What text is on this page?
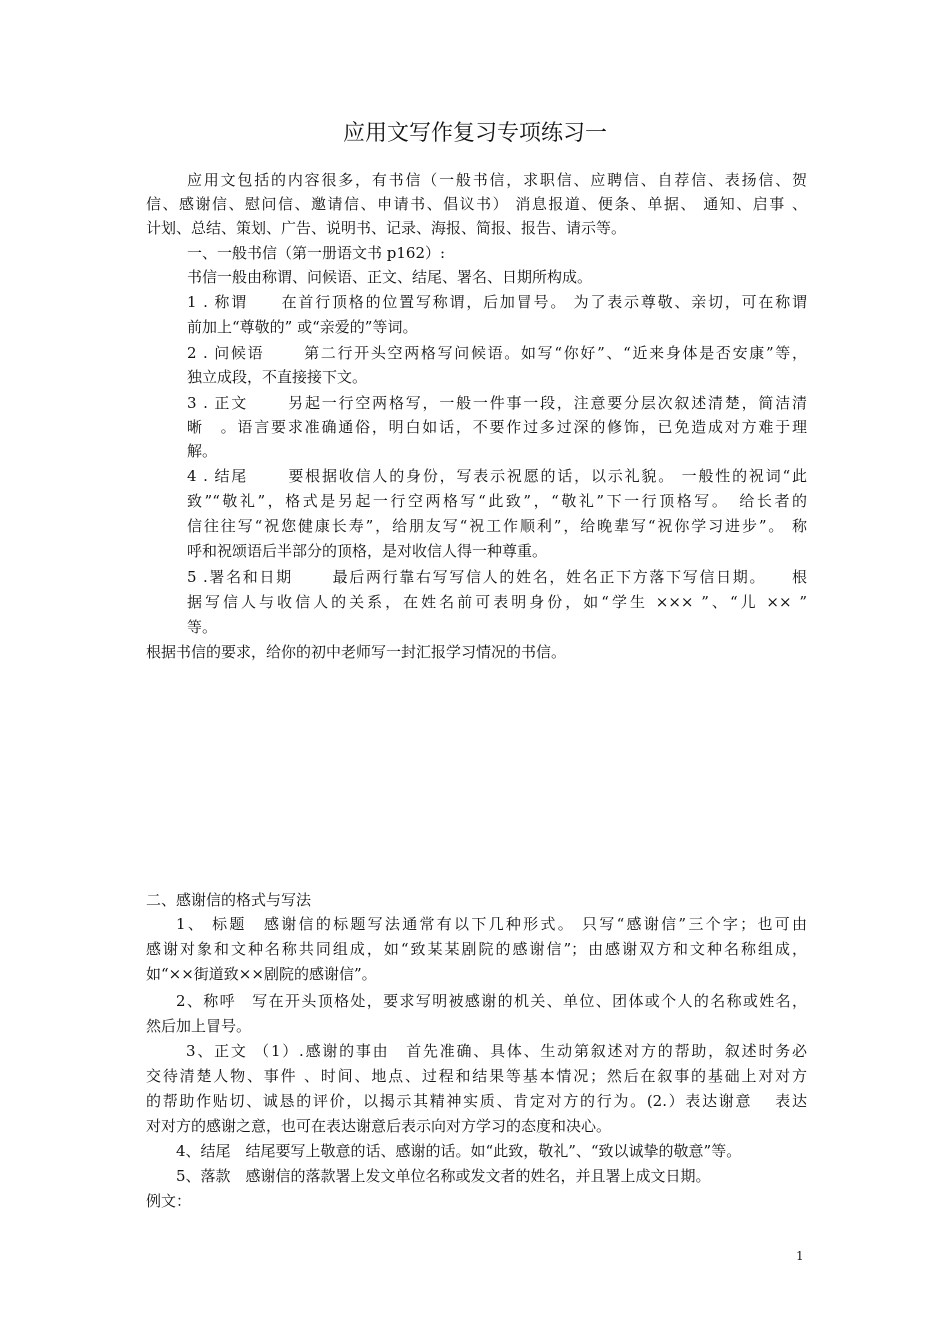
应用文写作复习专项练习一
应用文包括的内容很多，有书信（一般书信，求职信、应聘信、自荐信、表扬信、贺
信、感谢信、慰问信、邀请信、申请书、倡议书） 消息报道、便条、单据、 通知、启事 、
计划、总结、策划、广告、说明书、记录、海报、简报、报告、请示等。
一、一般书信（第一册语文书 p162）:
书信一般由称谓、问候语、正文、结尾、署名、日期所构成。
1 . 称谓　　在首行顶格的位置写称谓，后加冒号。 为了表示尊敬、亲切，可在称谓
前加上“尊敬的” 或“亲爱的”等词。
2 . 问候语　　 第二行开头空两格写问候语。如写“你好”、“近来身体是否安康”等，
独立成段，不直接接下文。
3 . 正文　　 另起一行空两格写，一般一件事一段，注意要分层次叙述清楚，简洁清
晰　。语言要求准确通俗，明白如话，不要作过多过深的修饰，已免造成对方难于理
解。
4 . 结尾　　 要根据收信人的身份，写表示祝愿的话，以示礼貌。 一般性的祝词“此
致”“敬礼”，格式是另起一行空两格写“此致”，“敬礼”下一行顶格写。　给长者的
信往往写“祝您健康长寿”，给朋友写“祝工作顺利”，给晚辈写“祝你学习进步”。 称
呼和祝颂语后半部分的顶格，是对收信人得一种尊重。
5 .署名和日期　　 最后两行靠右写写信人的姓名，姓名正下方落下写信日期。　　根
据写信人与收信人的关系，在姓名前可表明身份，如“学生 ××× ”、“儿 ×× ”
等。
根据书信的要求，给你的初中老师写一封汇报学习情况的书信。
二、感谢信的格式与写法
1、 标题　感谢信的标题写法通常有以下几种形式。 只写“感谢信”三个字；也可由
感谢对象和文种名称共同组成，如“致某某剧院的感谢信”；由感谢双方和文种名称组成，
如“××街道致××剧院的感谢信”。
2、称呼　写在开头顶格处，要求写明被感谢的机关、单位、团体或个人的名称或姓名，
然后加上冒号。
3、正文 （1）.感谢的事由　首先准确、具体、生动第叙述对方的帮助，叙述时务必
交待清楚人物、事件 、时间、地点、过程和结果等基本情况；然后在叙事的基础上对对方
的帮助作贴切、诚恳的评价，以揭示其精神实质、肯定对方的行为。(2.）表达谢意　 表达
对对方的感谢之意，也可在表达谢意后表示向对方学习的态度和决心。
4、结尾　结尾要写上敬意的话、感谢的话。如“此致，敬礼”、“致以诚挚的敬意”等。
5、落款　感谢信的落款署上发文单位名称或发文者的姓名，并且署上成文日期。
例文：
1
